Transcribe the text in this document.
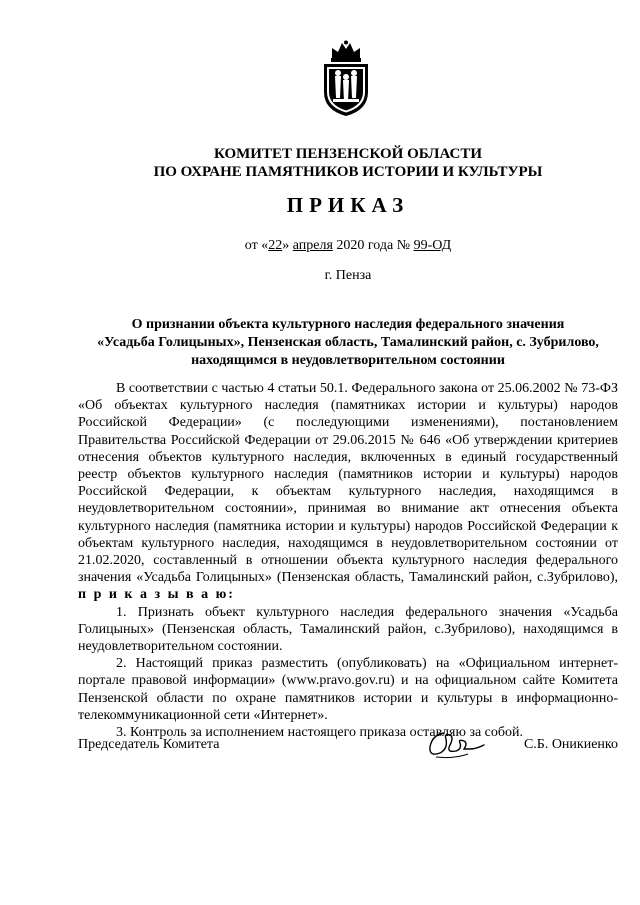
КОМИТЕТ ПЕНЗЕНСКОЙ ОБЛАСТИ
ПО ОХРАНЕ ПАМЯТНИКОВ ИСТОРИИ И КУЛЬТУРЫ
ПРИКАЗ
от «22» апреля 2020 года № 99-ОД
г. Пенза
О признании объекта культурного наследия федерального значения
«Усадьба Голицыных», Пензенская область, Тамалинский район, с. Зубрилово,
находящимся в неудовлетворительном состоянии

В соответствии с частью 4 статьи 50.1. Федерального закона от 25.06.2002 № 73-ФЗ «Об объектах культурного наследия (памятниках истории и культуры) народов Российской Федерации» (с последующими изменениями), постановлением Правительства Российской Федерации от 29.06.2015 № 646 «Об утверждении критериев отнесения объектов культурного наследия, включенных в единый государственный реестр объектов культурного наследия (памятников истории и культуры) народов Российской Федерации, к объектам культурного наследия, находящимся в неудовлетворительном состоянии», принимая во внимание акт отнесения объекта культурного наследия (памятника истории и культуры) народов Российской Федерации к объектам культурного наследия, находящимся в неудовлетворительном состоянии от 21.02.2020, составленный в отношении объекта культурного наследия федерального значения «Усадьба Голицыных» (Пензенская область, Тамалинский район, с.Зубрилово), п р и к а з ы в а ю:

1. Признать объект культурного наследия федерального значения «Усадьба Голицыных» (Пензенская область, Тамалинский район, с.Зубрилово), находящимся в неудовлетворительном состоянии.

2. Настоящий приказ разместить (опубликовать) на «Официальном интернет-портале правовой информации» (www.pravo.gov.ru) и на официальном сайте Комитета Пензенской области по охране памятников истории и культуры в информационно-телекоммуникационной сети «Интернет».

3. Контроль за исполнением настоящего приказа оставляю за собой.

Председатель Комитета	С.Б. Оникиенко
